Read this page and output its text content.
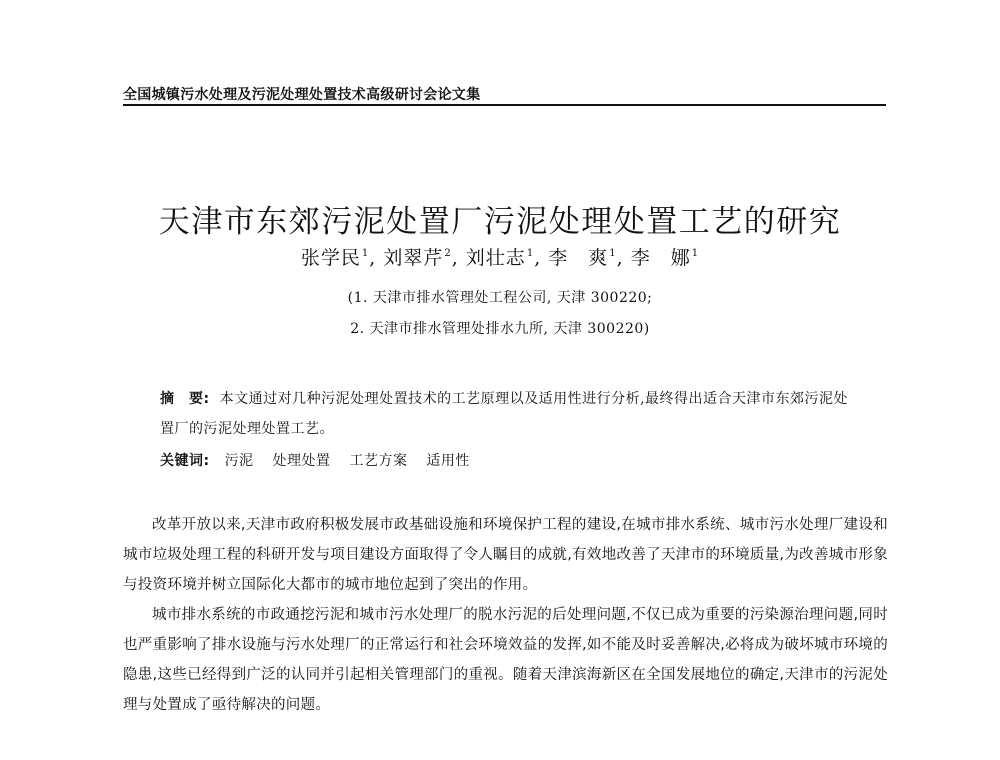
全国城镇污水处理及污泥处理处置技术高级研讨会论文集
天津市东郊污泥处置厂污泥处理处置工艺的研究
张学民$^1$, 刘翠芹$^2$, 刘壮志$^1$, 李　爽$^1$, 李　娜$^1$
(1. 天津市排水管理处工程公司, 天津 300220;
2. 天津市排水管理处排水九所, 天津 300220)
摘　要: 本文通过对几种污泥处理处置技术的工艺原理以及适用性进行分析,最终得出适合天津市东郊污泥处置厂的污泥处理处置工艺。
关键词: 污泥 处理处置 工艺方案 适用性

改革开放以来,天津市政府积极发展市政基础设施和环境保护工程的建设,在城市排水系统、城市污水处理厂建设和城市垃圾处理工程的科研开发与项目建设方面取得了令人瞩目的成就,有效地改善了天津市的环境质量,为改善城市形象与投资环境并树立国际化大都市的城市地位起到了突出的作用。

城市排水系统的市政通挖污泥和城市污水处理厂的脱水污泥的后处理问题,不仅已成为重要的污染源治理问题,同时也严重影响了排水设施与污水处理厂的正常运行和社会环境效益的发挥,如不能及时妥善解决,必将成为破坏城市环境的隐患,这些已经得到广泛的认同并引起相关管理部门的重视。随着天津滨海新区在全国发展地位的确定,天津市的污泥处理与处置成了亟待解决的问题。
